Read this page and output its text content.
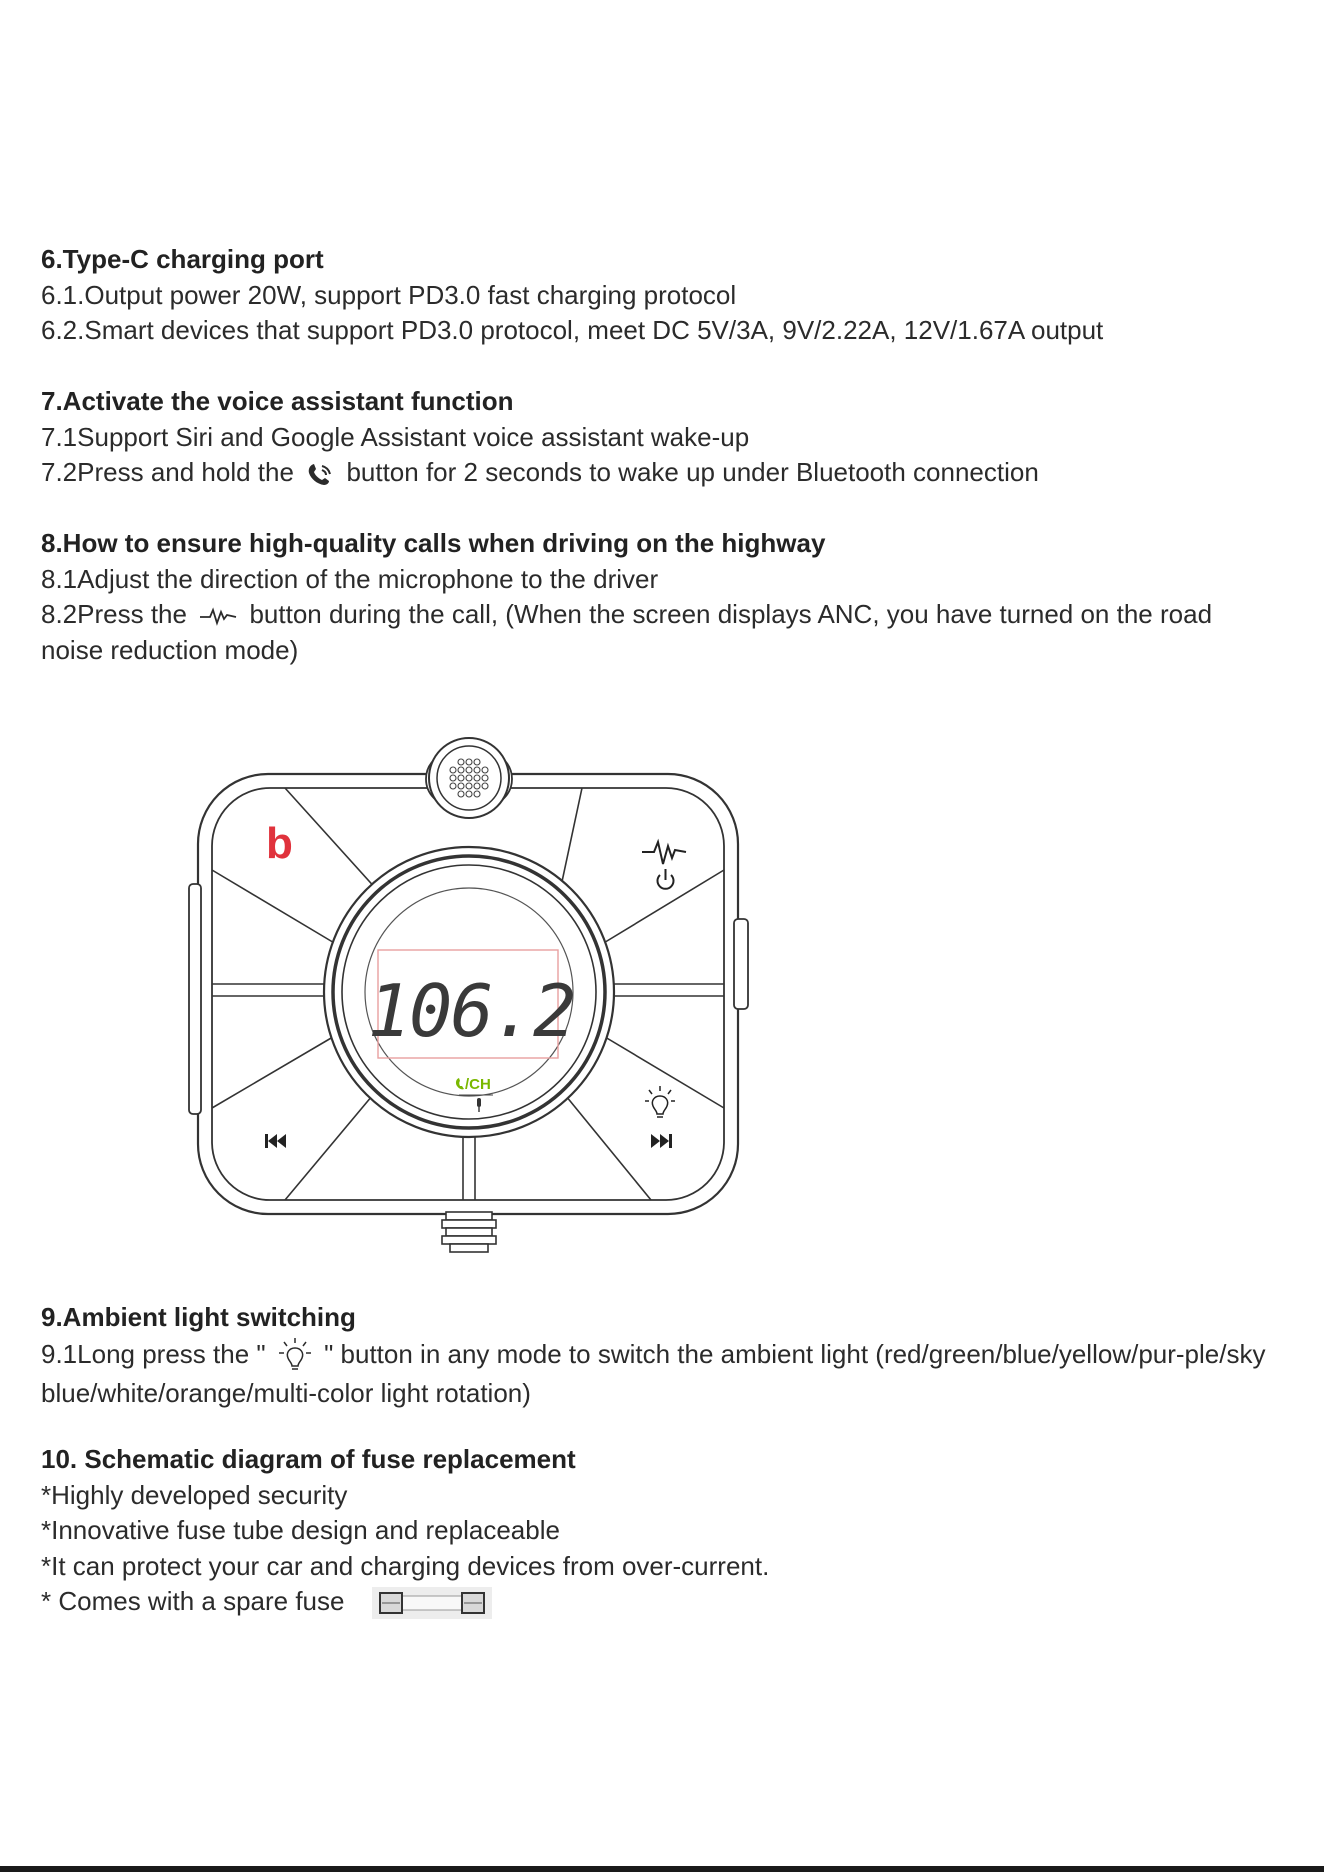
6.Type-C charging port
6.1.Output power 20W, support PD3.0 fast charging protocol
6.2.Smart devices that support PD3.0 protocol, meet DC 5V/3A, 9V/2.22A, 12V/1.67A output
7.Activate the voice assistant function
7.1Support Siri and Google Assistant voice assistant wake-up
7.2Press and hold the button for 2 seconds to wake up under Bluetooth connection
8.How to ensure high-quality calls when driving on the highway
8.1Adjust the direction of the microphone to the driver
8.2Press the button during the call, (When the screen displays ANC, you have turned on the road noise reduction mode)
106.2
/CH
b
9.Ambient light switching
9.1Long press the " " button in any mode to switch the ambient light (red/green/blue/yellow/pur-ple/sky blue/white/orange/multi-color light rotation)
10. Schematic diagram of fuse replacement
*Highly developed security
*Innovative fuse tube design and replaceable
*It can protect your car and charging devices from over-current.
* Comes with a spare fuse
